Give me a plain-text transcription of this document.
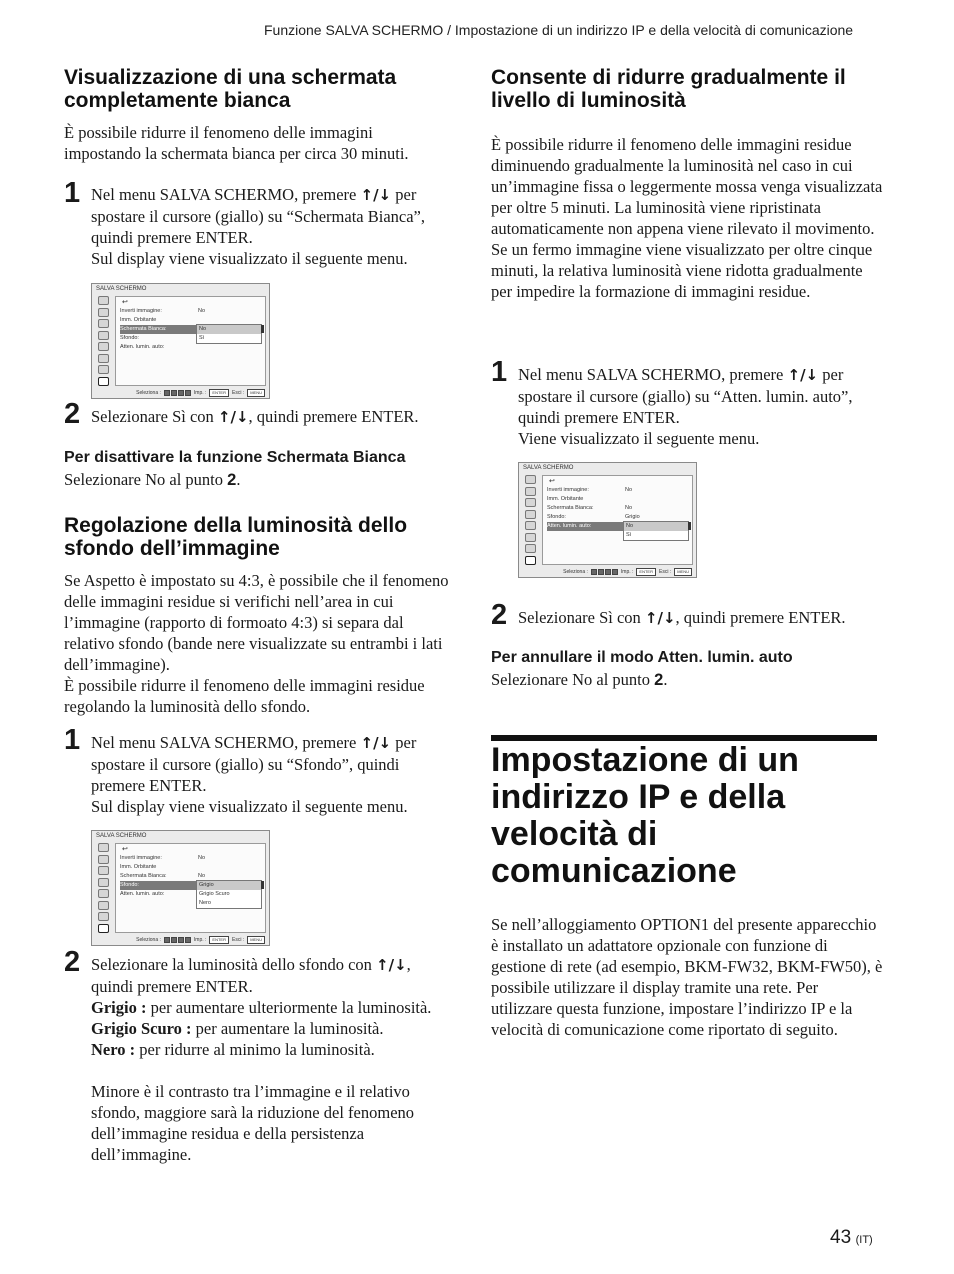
Funzione SALVA SCHERMO / Impostazione di un indirizzo IP e della velocità di comunicazione
Visualizzazione di una schermata completamente bianca
È possibile ridurre il fenomeno delle immagini impostando la schermata bianca per circa 30 minuti.
1 Nel menu SALVA SCHERMO, premere ↑/↓ per spostare il cursore (giallo) su “Schermata Bianca”, quindi premere ENTER.
Sul display viene visualizzato il seguente menu.
SALVA SCHERMO
↩
Inverti immagine:	No
Imm. Orbitante
Schermata Bianca:
Sfondo:
Atten. lumin. auto:
No
Sì
Seleziona :	Imp. :	ENTER	Esci :	MENU
2 Selezionare Sì con ↑/↓, quindi premere ENTER.
Per disattivare la funzione Schermata Bianca
Selezionare No al punto 2.
Regolazione della luminosità dello sfondo dell’immagine
Se Aspetto è impostato su 4:3, è possibile che il fenomeno delle immagini residue si verifichi nell’area in cui l’immagine (rapporto di formoato 4:3) si separa dal relativo sfondo (bande nere visualizzate su entrambi i lati dell’immagine).
È possibile ridurre il fenomeno delle immagini residue regolando la luminosità dello sfondo.
1 Nel menu SALVA SCHERMO, premere ↑/↓ per spostare il cursore (giallo) su “Sfondo”, quindi premere ENTER.
Sul display viene visualizzato il seguente menu.
SALVA SCHERMO
↩
Inverti immagine:	No
Imm. Orbitante
Schermata Bianca:	No
Sfondo:
Atten. lumin. auto:
Grigio
Grigio Scuro
Nero
Seleziona :	Imp. :	ENTER	Esci :	MENU
2 Selezionare la luminosità dello sfondo con ↑/↓, quindi premere ENTER.
Grigio : per aumentare ulteriormente la luminosità.
Grigio Scuro : per aumentare la luminosità.
Nero : per ridurre al minimo la luminosità.
Minore è il contrasto tra l’immagine e il relativo sfondo, maggiore sarà la riduzione del fenomeno dell’immagine residua e della persistenza dell’immagine.
Consente di ridurre gradualmente il livello di luminosità
È possibile ridurre il fenomeno delle immagini residue diminuendo gradualmente la luminosità nel caso in cui un’immagine fissa o leggermente mossa venga visualizzata per oltre 5 minuti. La luminosità viene ripristinata automaticamente non appena viene rilevato il movimento.
Se un fermo immagine viene visualizzato per oltre cinque minuti, la relativa luminosità viene ridotta gradualmente per impedire la formazione di immagini residue.
1 Nel menu SALVA SCHERMO, premere ↑/↓ per spostare il cursore (giallo) su “Atten. lumin. auto”, quindi premere ENTER.
Viene visualizzato il seguente menu.
SALVA SCHERMO
↩
Inverti immagine:	No
Imm. Orbitante
Schermata Bianca:	No
Sfondo:	Grigio
Atten. lumin. auto:	No
Sì
Seleziona :	Imp. :	ENTER	Esci :	MENU
2 Selezionare Sì con ↑/↓, quindi premere ENTER.
Per annullare il modo Atten. lumin. auto
Selezionare No al punto 2.
Impostazione di un indirizzo IP e della velocità di comunicazione
Se nell’alloggiamento OPTION1 del presente apparecchio è installato un adattatore opzionale con funzione di gestione di rete (ad esempio, BKM-FW32, BKM-FW50), è possibile utilizzare il display tramite una rete. Per utilizzare questa funzione, impostare l’indirizzo IP e la velocità di comunicazione come riportato di seguito.
43 (IT)
